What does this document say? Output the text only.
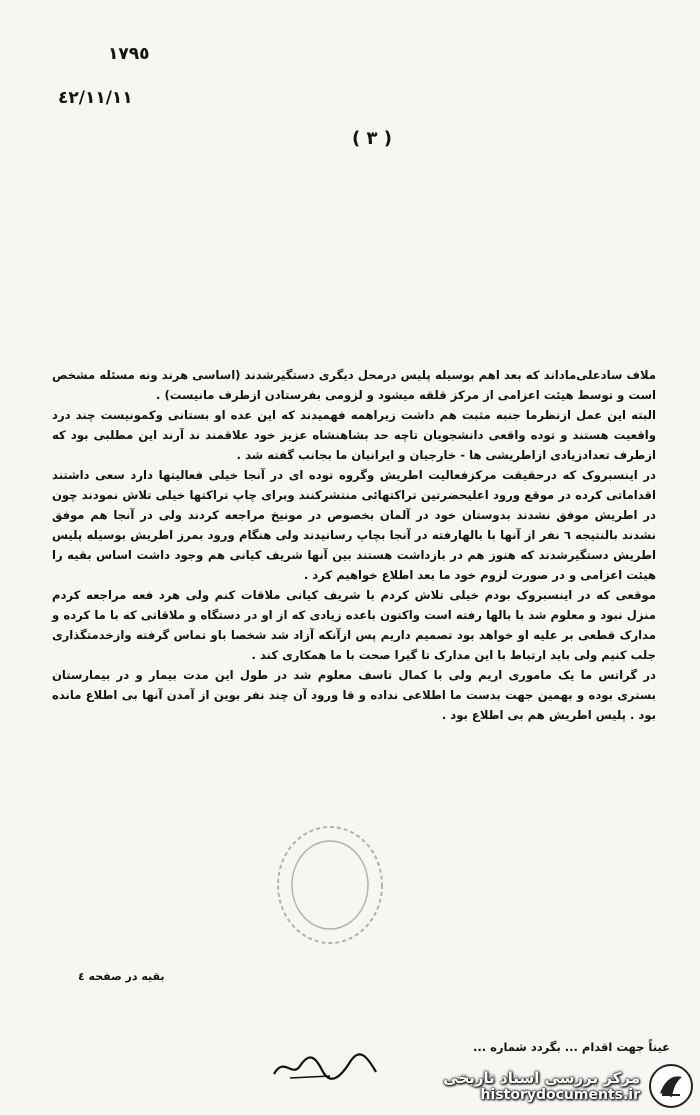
١٧٩٥
٤٢/١١/١١
( ٣ )

ملاف سادعلی‌ماداند که بعد اهم بوسیله پلیس درمحل دیگری دستگیرشدند (اساسی هرند ونه مسئله مشخص است و توسط هیئت اعزامی از مرکز قلقه میشود و لزومی بفرستادن ازطرف مانیست) .

البته این عمل ازنظرما جنبه مثبت هم داشت زیراهمه فهمیدند که این عده او بستانی وکمونیست چند درد واقعیت هستند و توده واقعی دانشجویان تاچه حد بشاهنشاه عزیز خود علاقمند ند آرند این مطلبی بود که ازطرف تعدادزیادی ازاطریشی ها - خارجیان و ایرانیان ما بجانب گفته شد .

در اینسبروک که درحقیقت مرکزفعالیت اطریش وگروه توده ای در آنجا خیلی فعالیتها دارد سعی داشتند اقداماتی کرده در موقع ورود اعلیحضرتین تراکتهائی منتشرکنند وبرای چاپ تراکتها خیلی تلاش نمودند چون در اطریش موفق نشدند بدوستان خود در آلمان بخصوص در مونیخ مراجعه کردند ولی در آنجا هم موفق نشدند بالنتیجه ٦ نفر از آنها با بالهارفته در آنجا بچاپ رسانیدند ولی هنگام ورود بمرز اطریش بوسیله پلیس اطریش دستگیرشدند که هنوز هم در بازداشت هستند بین آنها شریف کیانی هم وجود داشت اساس بقیه را هیئت اعزامی و در صورت لزوم خود ما بعد اطلاع خواهیم کرد .

موقعی که در اینسبروک بودم خیلی تلاش کردم با شریف کیانی ملاقات کنم ولی هرد فعه مراجعه کردم منزل نبود و معلوم شد با بالها رفته است واکنون باعده زیادی که از او در دستگاه و ملاقاتی که با ما کرده و مدارک قطعی بر علیه او خواهد بود تصمیم داریم پس ازآنکه آزاد شد شخصا باو تماس گرفته وازخدمتگذاری جلب کنیم ولی باید ارتباط با این مدارک تا گیرا صحت با ما همکاری کند .

در گراتس ما یک ماموری اریم ولی با کمال تاسف معلوم شد در طول این مدت بیمار و در بیمارستان بستری بوده و بهمین جهت بدست ما اطلاعی نداده و قا ورود آن چند نفر بوین از آمدن آنها بی اطلاع مانده بود . پلیس اطریش هم بی اطلاع بود .

بقیه در صفحه ٤
عیناً جهت اقدام ... بگردد شماره ...
مرکز بررسی اسناد تاریخی
historydocuments.ir
